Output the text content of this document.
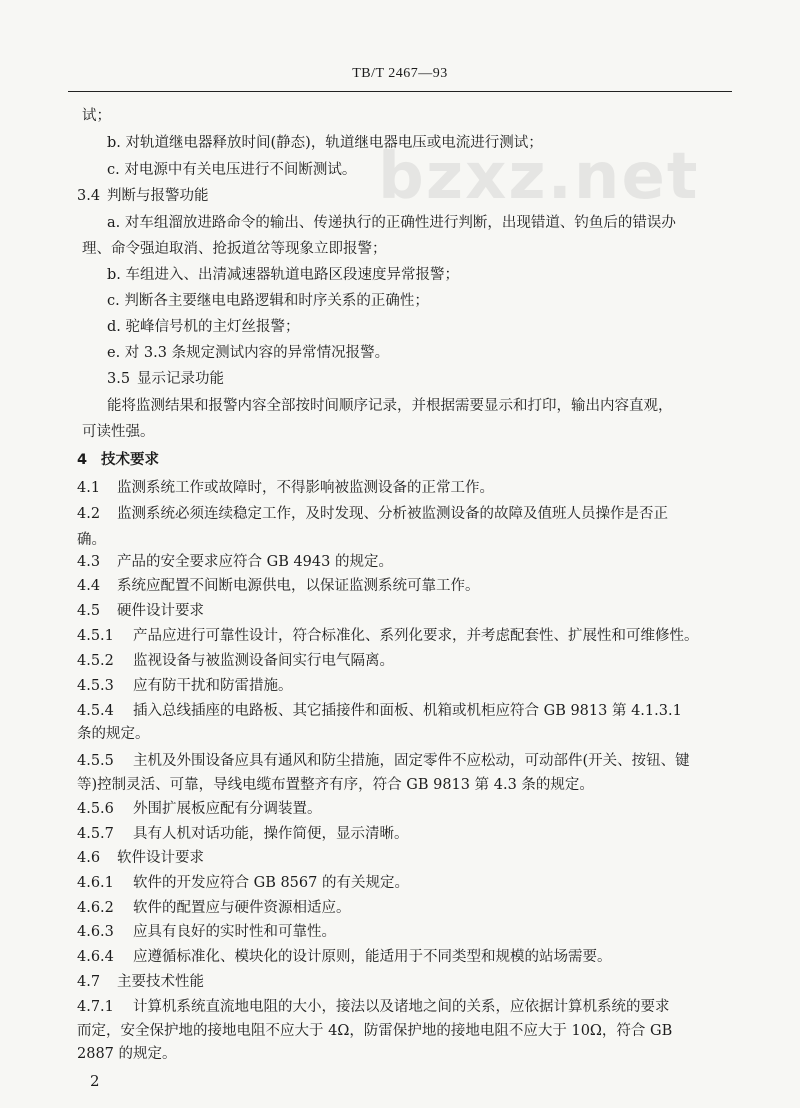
TB/T 2467—93
bzxz.net
试；
b. 对轨道继电器释放时间(静态)，轨道继电器电压或电流进行测试；
c. 对电源中有关电压进行不间断测试。
3.4 判断与报警功能
a. 对车组溜放进路命令的输出、传递执行的正确性进行判断，出现错道、钓鱼后的错误办
理、命令强迫取消、抢扳道岔等现象立即报警；
b. 车组进入、出清减速器轨道电路区段速度异常报警；
c. 判断各主要继电电路逻辑和时序关系的正确性；
d. 驼峰信号机的主灯丝报警；
e. 对 3.3 条规定测试内容的异常情况报警。
3.5 显示记录功能
能将监测结果和报警内容全部按时间顺序记录，并根据需要显示和打印，输出内容直观，
可读性强。
4 技术要求
4.1 监测系统工作或故障时，不得影响被监测设备的正常工作。
4.2 监测系统必须连续稳定工作，及时发现、分析被监测设备的故障及值班人员操作是否正
确。
4.3 产品的安全要求应符合 GB 4943 的规定。
4.4 系统应配置不间断电源供电，以保证监测系统可靠工作。
4.5 硬件设计要求
4.5.1 产品应进行可靠性设计，符合标准化、系列化要求，并考虑配套性、扩展性和可维修性。
4.5.2 监视设备与被监测设备间实行电气隔离。
4.5.3 应有防干扰和防雷措施。
4.5.4 插入总线插座的电路板、其它插接件和面板、机箱或机柜应符合 GB 9813 第 4.1.3.1
条的规定。
4.5.5 主机及外围设备应具有通风和防尘措施，固定零件不应松动，可动部件(开关、按钮、键
等)控制灵活、可靠，导线电缆布置整齐有序，符合 GB 9813 第 4.3 条的规定。
4.5.6 外围扩展板应配有分调装置。
4.5.7 具有人机对话功能，操作简便，显示清晰。
4.6 软件设计要求
4.6.1 软件的开发应符合 GB 8567 的有关规定。
4.6.2 软件的配置应与硬件资源相适应。
4.6.3 应具有良好的实时性和可靠性。
4.6.4 应遵循标准化、模块化的设计原则，能适用于不同类型和规模的站场需要。
4.7 主要技术性能
4.7.1 计算机系统直流地电阻的大小，接法以及诸地之间的关系，应依据计算机系统的要求
而定，安全保护地的接地电阻不应大于 4Ω，防雷保护地的接地电阻不应大于 10Ω，符合 GB
2887 的规定。
2
